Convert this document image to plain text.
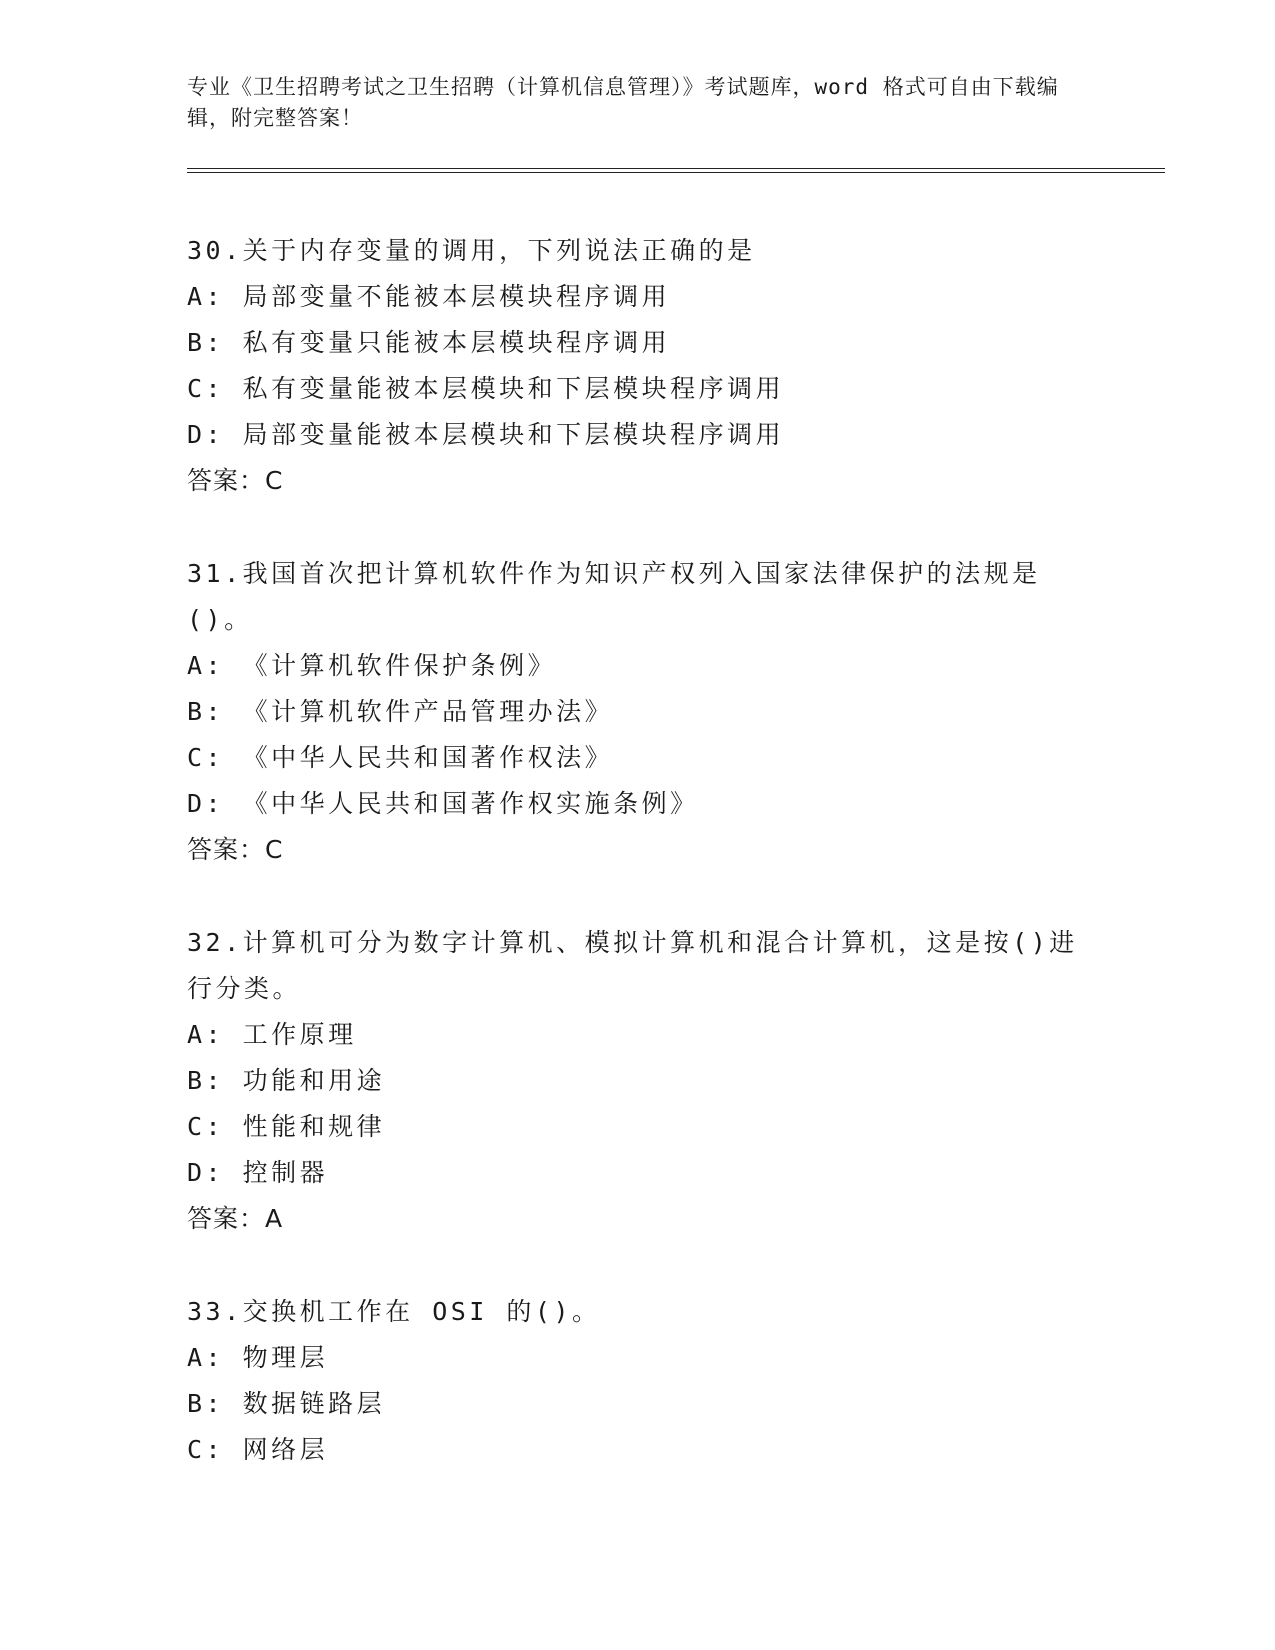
专业《卫生招聘考试之卫生招聘（计算机信息管理）》考试题库，word 格式可自由下载编辑，附完整答案！
30.关于内存变量的调用，下列说法正确的是
A: 局部变量不能被本层模块程序调用
B: 私有变量只能被本层模块程序调用
C: 私有变量能被本层模块和下层模块程序调用
D: 局部变量能被本层模块和下层模块程序调用
答案：C
31.我国首次把计算机软件作为知识产权列入国家法律保护的法规是()。
A: 《计算机软件保护条例》
B: 《计算机软件产品管理办法》
C: 《中华人民共和国著作权法》
D: 《中华人民共和国著作权实施条例》
答案：C
32.计算机可分为数字计算机、模拟计算机和混合计算机，这是按()进行分类。
A: 工作原理
B: 功能和用途
C: 性能和规律
D: 控制器
答案：A
33.交换机工作在 OSI 的()。
A: 物理层
B: 数据链路层
C: 网络层
